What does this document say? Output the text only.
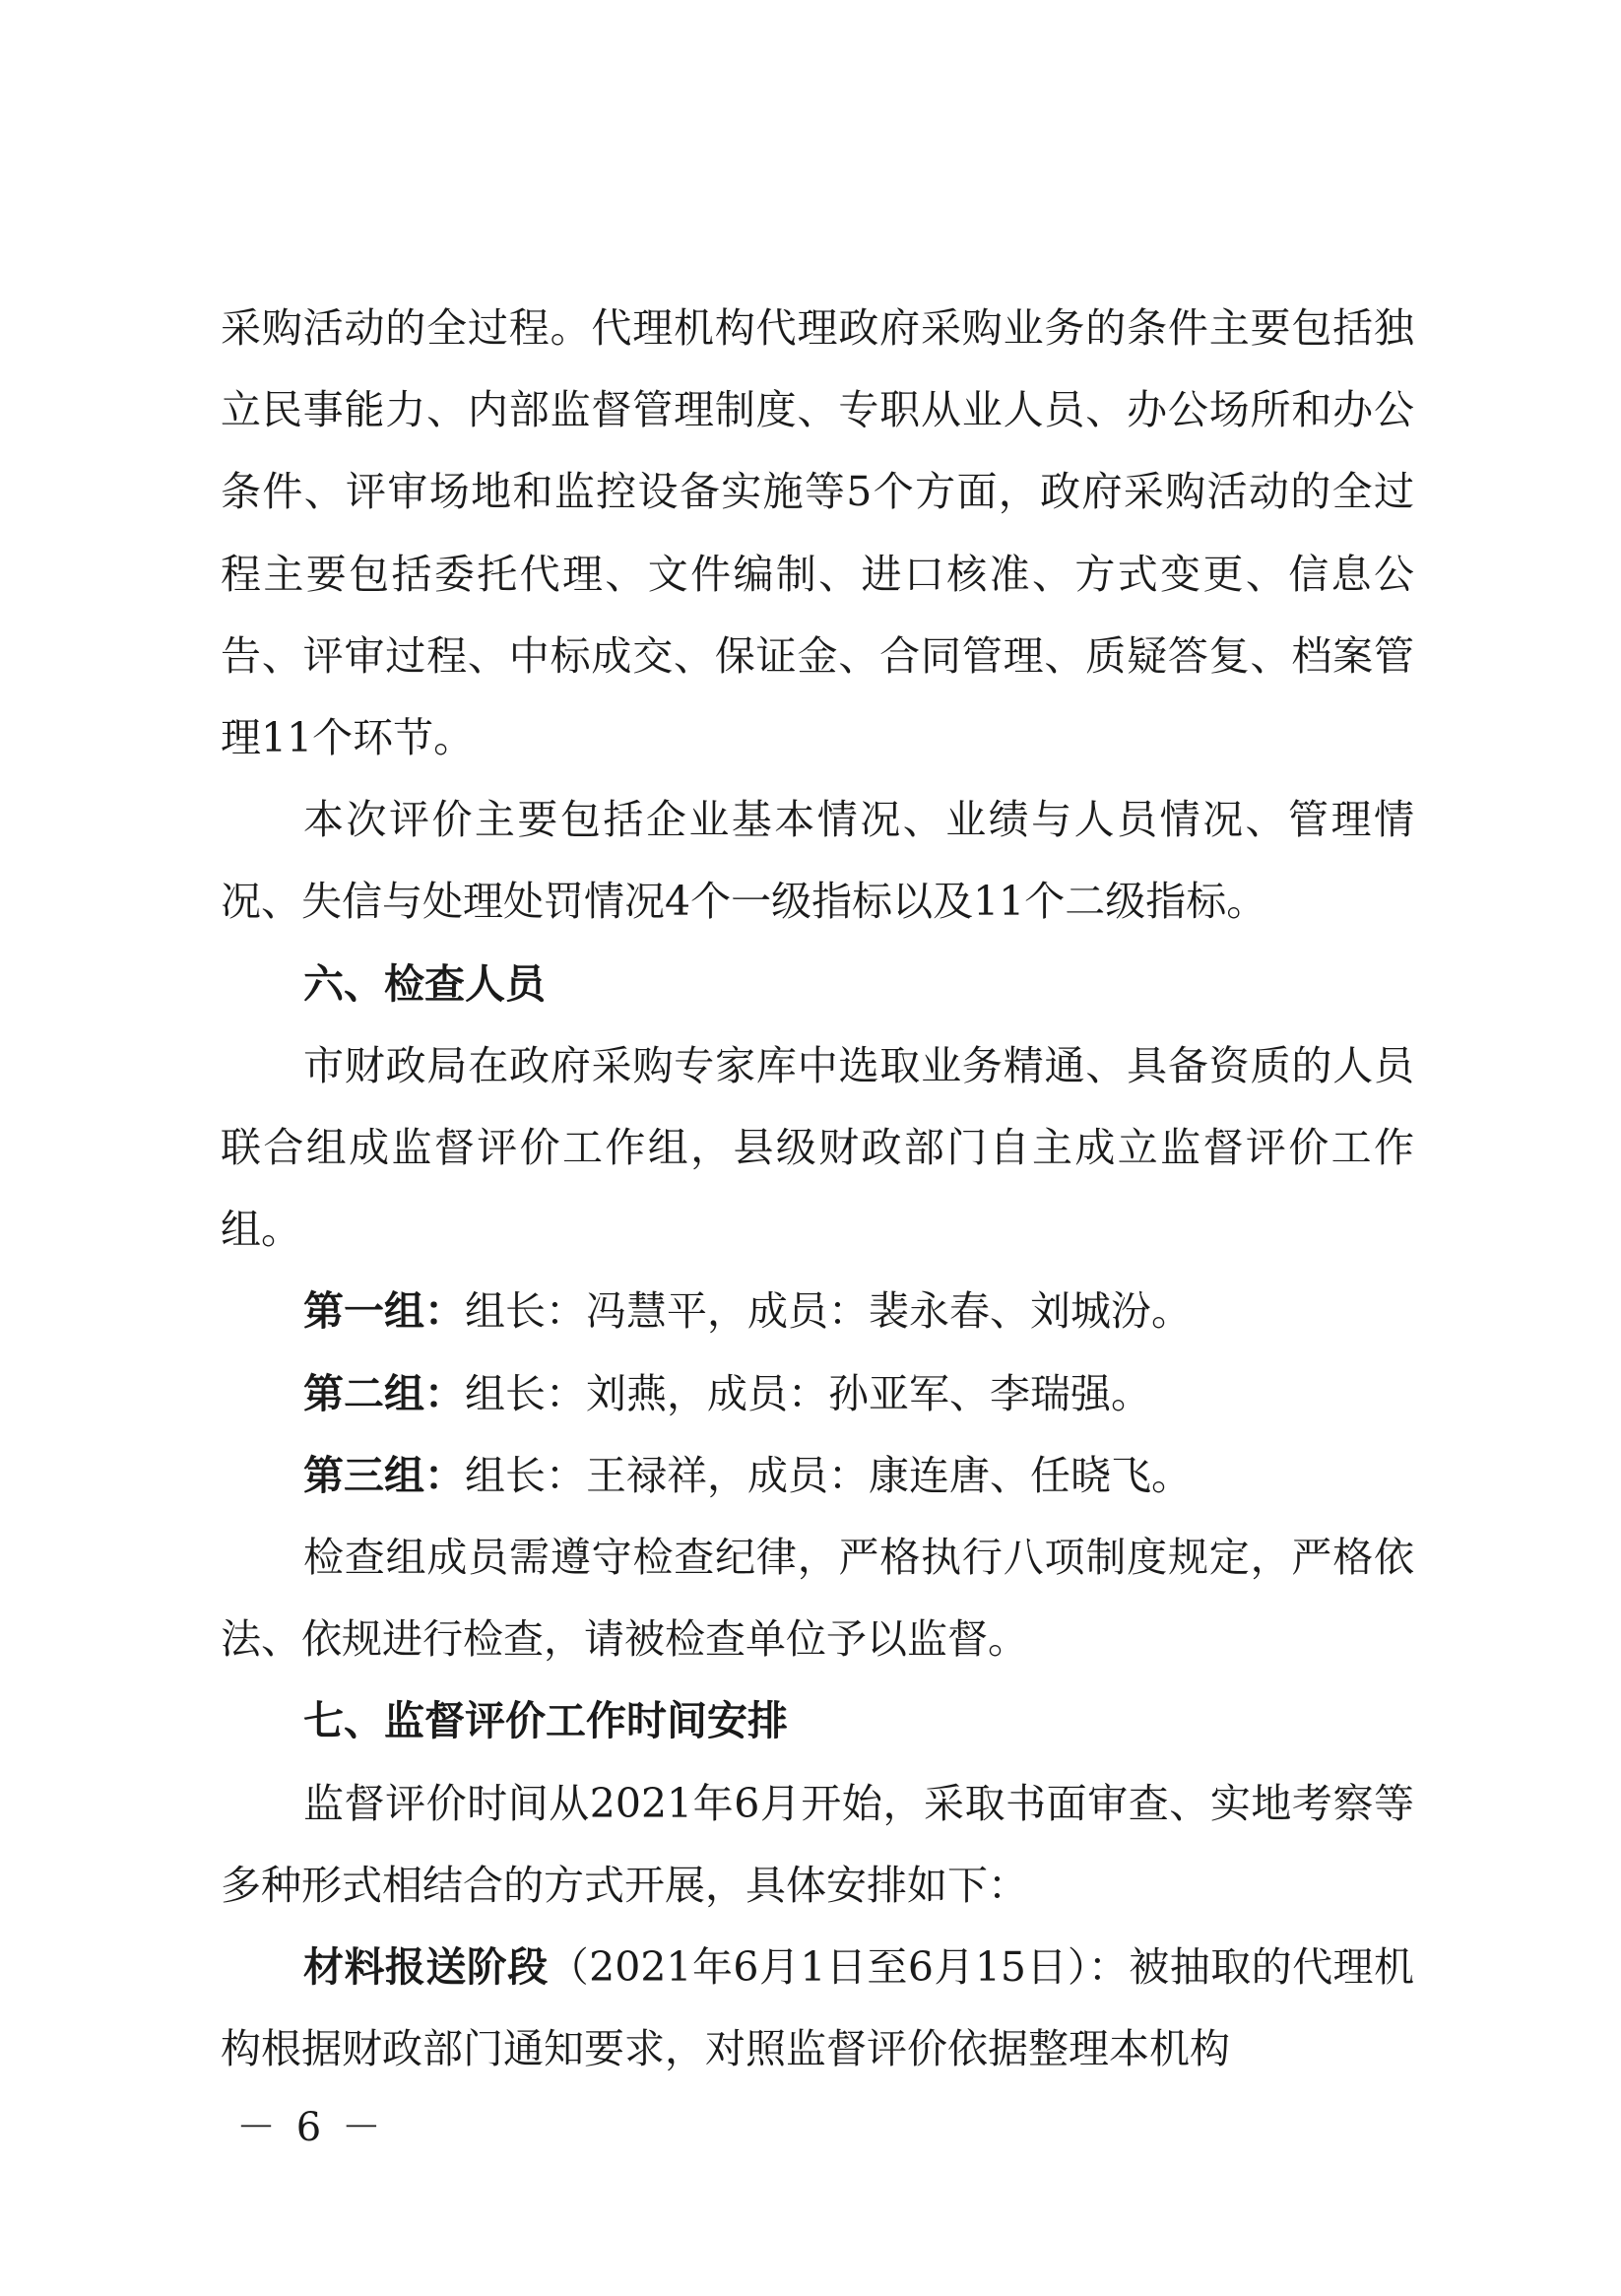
采购活动的全过程。代理机构代理政府采购业务的条件主要包括独立民事能力、内部监督管理制度、专职从业人员、办公场所和办公条件、评审场地和监控设备实施等5个方面，政府采购活动的全过程主要包括委托代理、文件编制、进口核准、方式变更、信息公告、评审过程、中标成交、保证金、合同管理、质疑答复、档案管理11个环节。

本次评价主要包括企业基本情况、业绩与人员情况、管理情况、失信与处理处罚情况4个一级指标以及11个二级指标。

六、检查人员

市财政局在政府采购专家库中选取业务精通、具备资质的人员联合组成监督评价工作组，县级财政部门自主成立监督评价工作组。

第一组：组长：冯慧平，成员：裴永春、刘城汾。

第二组：组长：刘燕，成员：孙亚军、李瑞强。

第三组：组长：王禄祥，成员：康连唐、任晓飞。

检查组成员需遵守检查纪律，严格执行八项制度规定，严格依法、依规进行检查，请被检查单位予以监督。

七、监督评价工作时间安排

监督评价时间从2021年6月开始，采取书面审查、实地考察等多种形式相结合的方式开展，具体安排如下：

材料报送阶段（2021年6月1日至6月15日）：被抽取的代理机构根据财政部门通知要求，对照监督评价依据整理本机构

－ 6 －
